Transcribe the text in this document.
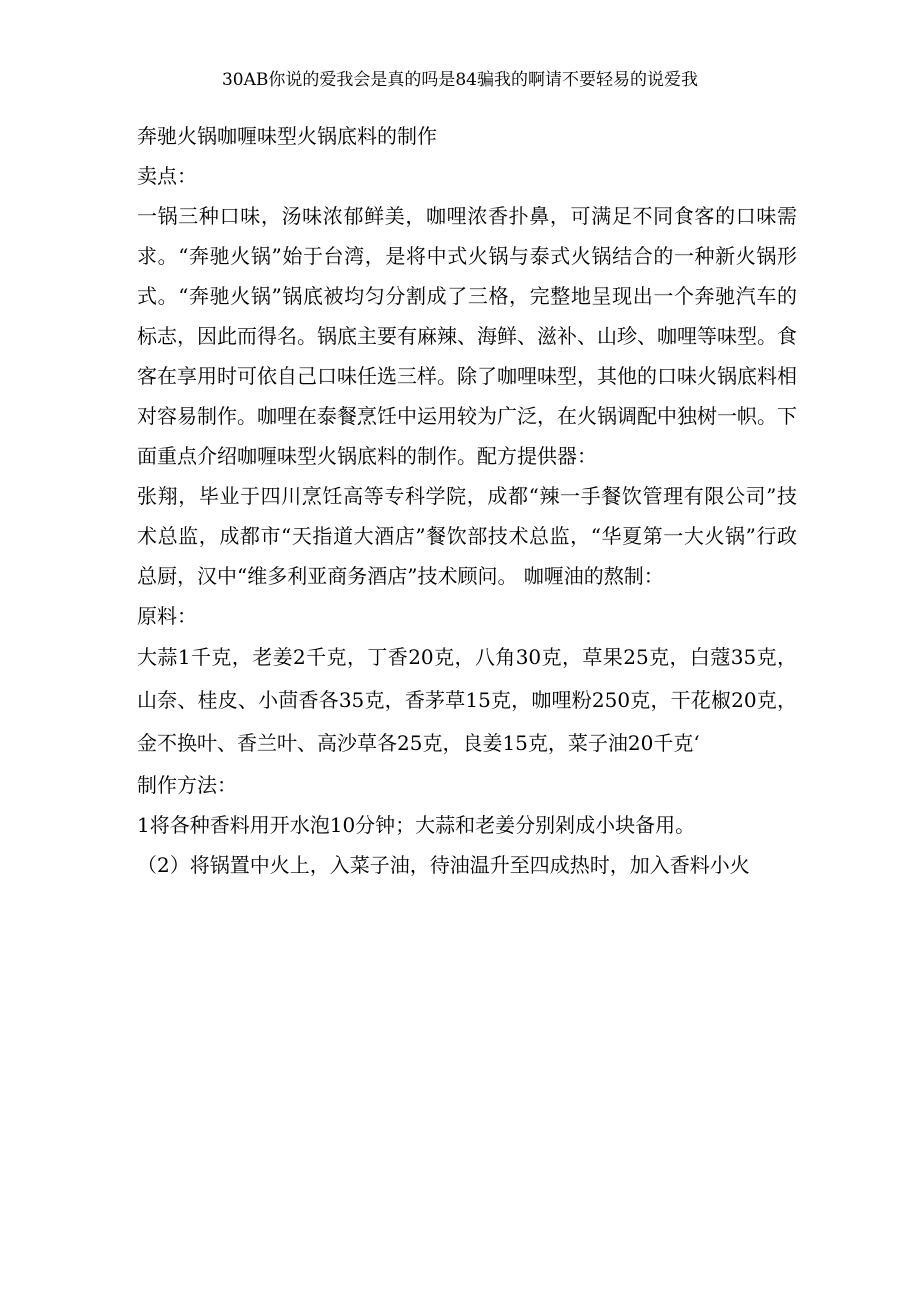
30AB你说的爱我会是真的吗是84骗我的啊请不要轻易的说爱我

奔驰火锅咖喱味型火锅底料的制作

卖点：

一锅三种口味，汤味浓郁鲜美，咖哩浓香扑鼻，可满足不同食客的口味需求。“奔驰火锅”始于台湾，是将中式火锅与泰式火锅结合的一种新火锅形式。“奔驰火锅”锅底被均匀分割成了三格，完整地呈现出一个奔驰汽车的标志，因此而得名。锅底主要有麻辣、海鲜、滋补、山珍、咖哩等味型。食客在享用时可依自己口味任选三样。除了咖哩味型，其他的口味火锅底料相对容易制作。咖哩在泰餐烹饪中运用较为广泛，在火锅调配中独树一帜。下面重点介绍咖喱味型火锅底料的制作。配方提供器：

张翔，毕业于四川烹饪高等专科学院，成都“辣一手餐饮管理有限公司”技术总监，成都市“天指道大酒店”餐饮部技术总监，“华夏第一大火锅”行政总厨，汉中“维多利亚商务酒店”技术顾问。 咖喱油的熬制：

原料：

大蒜1千克，老姜2千克，丁香20克，八角30克，草果25克，白蔻35克，山奈、桂皮、小茴香各35克，香茅草15克，咖哩粉250克，干花椒20克，金不换叶、香兰叶、高沙草各25克，良姜15克，菜子油20千克‘

制作方法：

1将各种香料用开水泡10分钟；大蒜和老姜分别剁成小块备用。

（2）将锅置中火上，入菜子油，待油温升至四成热时，加入香料小火
